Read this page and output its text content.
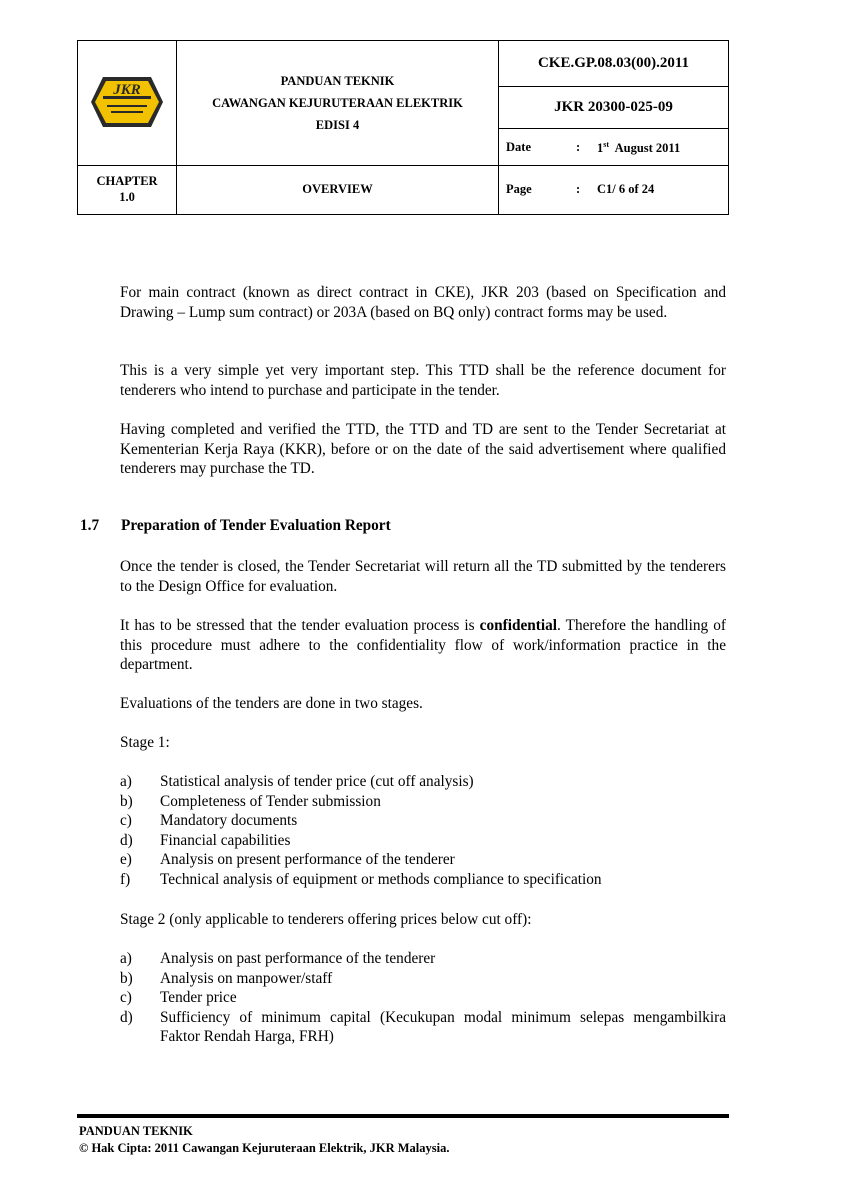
JKR
PANDUAN TEKNIK
CAWANGAN KEJURUTERAAN ELEKTRIK
EDISI 4
CKE.GP.08.03(00).2011
JKR 20300-025-09
Date	: 1st August 2011
CHAPTER
1.0
OVERVIEW	Page	: C1/ 6 of 24
For main contract (known as direct contract in CKE), JKR 203 (based on Specification and Drawing – Lump sum contract) or 203A (based on BQ only) contract forms may be used.
This is a very simple yet very important step. This TTD shall be the reference document for tenderers who intend to purchase and participate in the tender.
Having completed and verified the TTD, the TTD and TD are sent to the Tender Secretariat at Kementerian Kerja Raya (KKR), before or on the date of the said advertisement where qualified tenderers may purchase the TD.
1.7 Preparation of Tender Evaluation Report
Once the tender is closed, the Tender Secretariat will return all the TD submitted by the tenderers to the Design Office for evaluation.
It has to be stressed that the tender evaluation process is confidential. Therefore the handling of this procedure must adhere to the confidentiality flow of work/information practice in the department.
Evaluations of the tenders are done in two stages.
Stage 1:
a) Statistical analysis of tender price (cut off analysis)
b) Completeness of Tender submission
c) Mandatory documents
d) Financial capabilities
e) Analysis on present performance of the tenderer
f) Technical analysis of equipment or methods compliance to specification
Stage 2 (only applicable to tenderers offering prices below cut off):
a) Analysis on past performance of the tenderer
b) Analysis on manpower/staff
c) Tender price
d) Sufficiency of minimum capital (Kecukupan modal minimum selepas mengambilkira Faktor Rendah Harga, FRH)
PANDUAN TEKNIK
© Hak Cipta: 2011 Cawangan Kejuruteraan Elektrik, JKR Malaysia.
